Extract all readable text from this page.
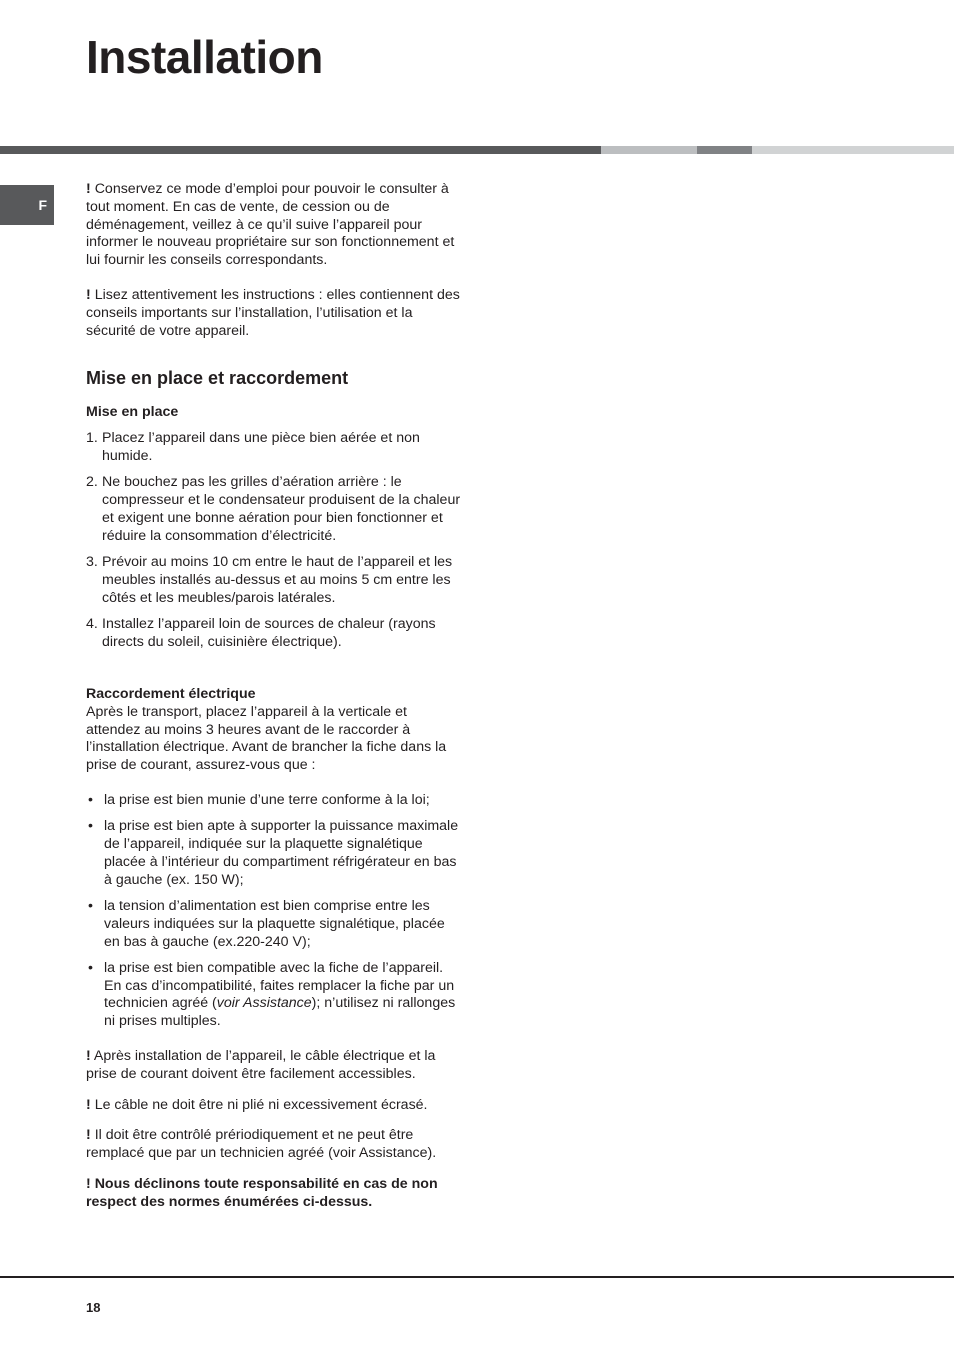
Installation
F

! Conservez ce mode d’emploi pour pouvoir le consulter à tout moment. En cas de vente, de cession ou de déménagement, veillez à ce qu’il suive l’appareil pour informer le nouveau propriétaire sur son fonctionnement et lui fournir les conseils correspondants.

! Lisez attentivement les instructions : elles contiennent des conseils importants sur l’installation, l’utilisation et la sécurité de votre appareil.

Mise en place et raccordement

Mise en place

1. Placez l’appareil dans une pièce bien aérée et non humide.
2. Ne bouchez pas les grilles d’aération arrière : le compresseur et le condensateur produisent de la chaleur et exigent une bonne aération pour bien fonctionner et réduire la consommation d’électricité.
3. Prévoir au moins 10 cm entre le haut de l’appareil et les meubles installés au-dessus et au moins 5 cm entre les côtés et les meubles/parois latérales.
4. Installez l’appareil loin de sources de chaleur (rayons directs du soleil, cuisinière électrique).

Raccordement électrique

Après le transport, placez l’appareil à la verticale et attendez au moins 3 heures avant de le raccorder à l’installation électrique. Avant de brancher la fiche dans la prise de courant, assurez-vous que :

• la prise est bien munie d’une terre conforme à la loi;
• la prise est bien apte à supporter la puissance maximale de l’appareil, indiquée sur la plaquette signalétique placée à l’intérieur du compartiment réfrigérateur en bas à gauche (ex. 150 W);
• la tension d’alimentation est bien comprise entre les valeurs indiquées sur la plaquette signalétique, placée en bas à gauche (ex.220-240 V);
• la prise est bien compatible avec la fiche de l’appareil. En cas d’incompatibilité, faites remplacer la fiche par un technicien agréé (voir Assistance); n’utilisez ni rallonges ni prises multiples.

! Après installation de l’appareil, le câble électrique et la prise de courant doivent être facilement accessibles.

! Le câble ne doit être ni plié ni excessivement écrasé.

! Il doit être contrôlé prériodiquement et ne peut être remplacé que par un technicien agréé (voir Assistance).

! Nous déclinons toute responsabilité en cas de non respect des normes énumérées ci-dessus.

18
